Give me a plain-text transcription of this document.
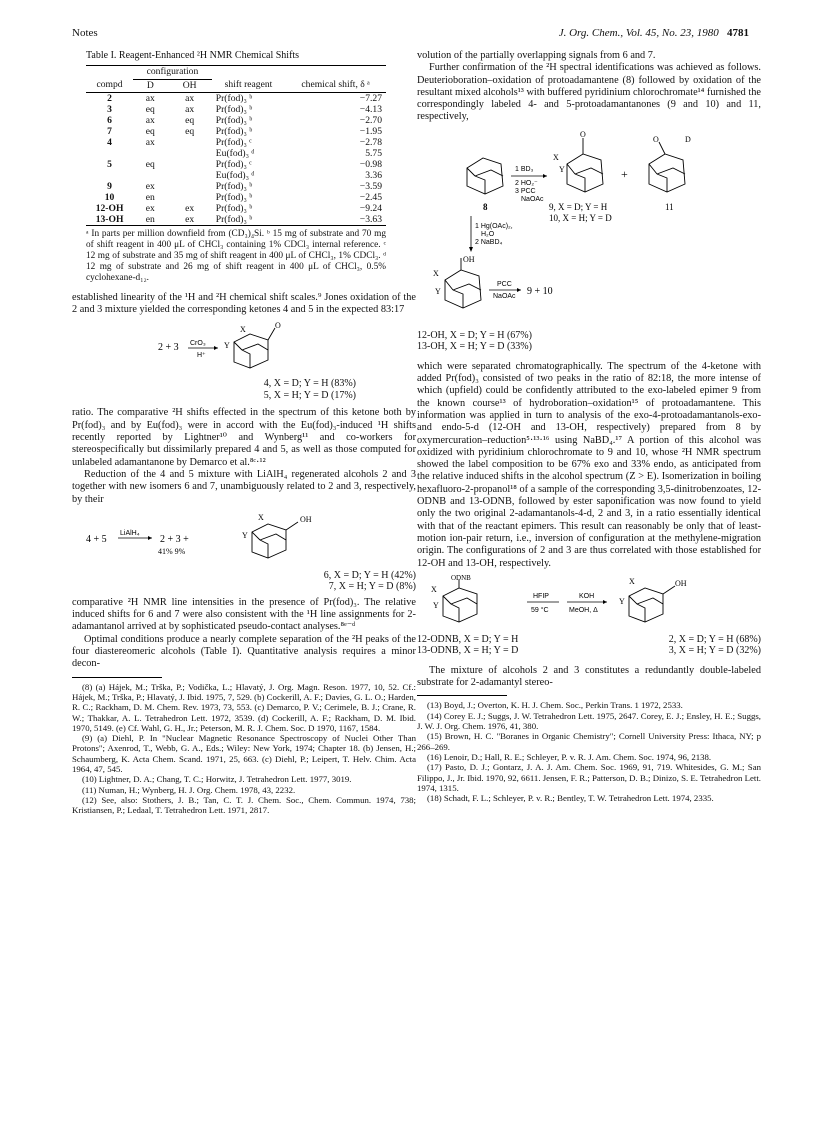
Notes	J. Org. Chem., Vol. 45, No. 23, 1980 4781
Table I. Reagent-Enhanced ²H NMR Chemical Shifts
	configuration			
compd	D	OH	shift reagent	chemical shift, δ ᵃ
2	ax	ax	Pr(fod)₃ ᵇ	−7.27
3	eq	ax	Pr(fod)₃ ᵇ	−4.13
6	ax	eq	Pr(fod)₃ ᵇ	−2.70
7	eq	eq	Pr(fod)₃ ᵇ	−1.95
4	ax		Pr(fod)₃ ᶜ	−2.78
			Eu(fod)₃ ᵈ	5.75
5	eq		Pr(fod)₃ ᶜ	−0.98
			Eu(fod)₃ ᵈ	3.36
9	ex		Pr(fod)₃ ᵇ	−3.59
10	en		Pr(fod)₃ ᵇ	−2.45
12-OH	ex	ex	Pr(fod)₃ ᵇ	−9.24
13-OH	en	ex	Pr(fod)₃ ᵇ	−3.63
ᵃ In parts per million downfield from (CD₃)₄Si. ᵇ 15 mg of substrate and 70 mg of shift reagent in 400 μL of CHCl₃ containing 1% CDCl₃ internal reference. ᶜ 12 mg of substrate and 35 mg of shift reagent in 400 μL of CHCl₃, 1% CDCl₃. ᵈ 12 mg of substrate and 26 mg of shift reagent in 400 μL of CHCl₃, 0.5% cyclohexane-d₁₂.

established linearity of the ¹H and ²H chemical shift scales.⁹ Jones oxidation of the 2 and 3 mixture yielded the corresponding ketones 4 and 5 in the expected 83:17

2 + 3 CrO₃
H⁺
O
X
Y
4, X = D; Y = H (83%)
5, X = H; Y = D (17%)

ratio. The comparative ²H shifts effected in the spectrum of this ketone both by Pr(fod)₃ and by Eu(fod)₃ were in accord with the Eu(fod)₃-induced ¹H shifts recently reported by Lightner¹⁰ and Wynberg¹¹ and co-workers for stereospecifically but dissimilarly prepared 4 and 5, as well as those computed for unlabeled adamantanone by Demarco et al.⁸ᶜ·¹²

Reduction of the 4 and 5 mixture with LiAlH₄ regenerated alcohols 2 and 3 together with new isomers 6 and 7, unambiguously related to 2 and 3, respectively, by their

4 + 5
LiAlH₄
2 + 3 +
41% 9%
OH
X
Y
6, X = D; Y = H (42%)
7, X = H; Y = D (8%)

comparative ²H NMR line intensities in the presence of Pr(fod)₃. The relative induced shifts for 6 and 7 were also consistent with the ¹H line assignments for 2-adamantanol arrived at by sophisticated pseudo-contact analyses.⁸ᵉ⁻ᵈ

Optimal conditions produce a nearly complete separation of the ²H peaks of the four diastereomeric alcohols (Table I). Quantitative analysis requires a minor decon-

(8) (a) Hájek, M.; Trška, P.; Vodička, L.; Hlavatý, J. Org. Magn. Reson. 1977, 10, 52. Cf.: Hájek, M.; Trška, P.; Hlavatý, J. Ibid. 1975, 7, 529. (b) Cockerill, A. F.; Davies, G. L. O.; Harden, R. C.; Rackham, D. M. Chem. Rev. 1973, 73, 553. (c) Demarco, P. V.; Cerimele, B. J.; Crane, R. W.; Thakkar, A. L. Tetrahedron Lett. 1972, 3539. (d) Cockerill, A. F.; Rackham, D. M. Ibid. 1970, 5149. (e) Cf. Wahl, G. H., Jr.; Peterson, M. R. J. Chem. Soc. D 1970, 1167, 1584.
(9) (a) Diehl, P. In "Nuclear Magnetic Resonance Spectroscopy of Nuclei Other Than Protons"; Axenrod, T., Webb, G. A., Eds.; Wiley: New York, 1974; Chapter 18. (b) Jensen, H.; Schaumberg, K. Acta Chem. Scand. 1971, 25, 663. (c) Diehl, P.; Leipert, T. Helv. Chim. Acta 1964, 47, 545.
(10) Lightner, D. A.; Chang, T. C.; Horwitz, J. Tetrahedron Lett. 1977, 3019.
(11) Numan, H.; Wynberg, H. J. Org. Chem. 1978, 43, 2232.
(12) See, also: Stothers, J. B.; Tan, C. T. J. Chem. Soc., Chem. Commun. 1974, 738; Kristiansen, P.; Ledaal, T. Tetrahedron Lett. 1971, 2817.

volution of the partially overlapping signals from 6 and 7.

Further confirmation of the ²H spectral identifications was achieved as follows. Deuterioboration–oxidation of protoadamantene (8) followed by oxidation of the resultant mixed alcohols¹³ with buffered pyridinium chlorochromate¹⁴ furnished the correspondingly labeled 4- and 5-protoadamantanones (9 and 10) and 11, respectively,

8
1 BD₃
2 HO₂⁻
3 PCC
NaOAc
O
X
Y	+
O	D
9, X = D; Y = H	11
10, X = H; Y = D
1 Hg(OAc)₂,
H₂O
2 NaBD₄
OH
X
Y
PCC
NaOAc 9 + 10
12-OH, X = D; Y = H (67%)
13-OH, X = H; Y = D (33%)

which were separated chromatographically. The spectrum of the 4-ketone with added Pr(fod)₃ consisted of two peaks in the ratio of 82:18, the more intense of which (upfield) could be confidently attributed to the exo-labeled epimer 9 from the known course¹³ of hydroboration–oxidation¹⁵ of protoadamantene. This information was applied in turn to analysis of the exo-4-protoadamantanols-exo- and endo-5-d (12-OH and 13-OH, respectively) prepared from 8 by oxymercuration–reduction⁵·¹³·¹⁶ using NaBD₄.¹⁷ A portion of this alcohol was oxidized with pyridinium chlorochromate to 9 and 10, whose ²H NMR spectrum showed the label composition to be 67% exo and 33% endo, as anticipated from the relative induced shifts in the alcohol spectrum (Z > E). Isomerization in boiling hexafluoro-2-propanol¹⁸ of a sample of the corresponding 3,5-dinitrobenzoates, 12-ODNB and 13-ODNB, followed by ester saponification was now found to yield only the two original 2-adamantanols-4-d, 2 and 3, in a ratio essentially identical with that of the reactant epimers. This result can reasonably be only that of least-motion ion-pair return, i.e., inversion of configuration at the methylene-migration origin. The configurations of 2 and 3 are thus correlated with those established for 12-OH and 13-OH, respectively.

ODNB
X
Y
HFIP
59 °C
KOH
MeOH, Δ
OH
X
Y
12-ODNB, X = D; Y = H
13-ODNB, X = H; Y = D
2, X = D; Y = H (68%)
3, X = H; Y = D (32%)

The mixture of alcohols 2 and 3 constitutes a redundantly double-labeled substrate for 2-adamantyl stereo-

(13) Boyd, J.; Overton, K. H. J. Chem. Soc., Perkin Trans. 1 1972, 2533.
(14) Corey E. J.; Suggs, J. W. Tetrahedron Lett. 1975, 2647. Corey, E. J.; Ensley, H. E.; Suggs, J. W. J. Org. Chem. 1976, 41, 380.
(15) Brown, H. C. "Boranes in Organic Chemistry"; Cornell University Press: Ithaca, NY; p 266–269.
(16) Lenoir, D.; Hall, R. E.; Schleyer, P. v. R. J. Am. Chem. Soc. 1974, 96, 2138.
(17) Pasto, D. J.; Gontarz, J. A. J. Am. Chem. Soc. 1969, 91, 719. Whitesides, G. M.; San Filippo, J., Jr. Ibid. 1970, 92, 6611. Jensen, F. R.; Patterson, D. B.; Dinizo, S. E. Tetrahedron Lett. 1974, 1315.
(18) Schadt, F. L.; Schleyer, P. v. R.; Bentley, T. W. Tetrahedron Lett. 1974, 2335.
